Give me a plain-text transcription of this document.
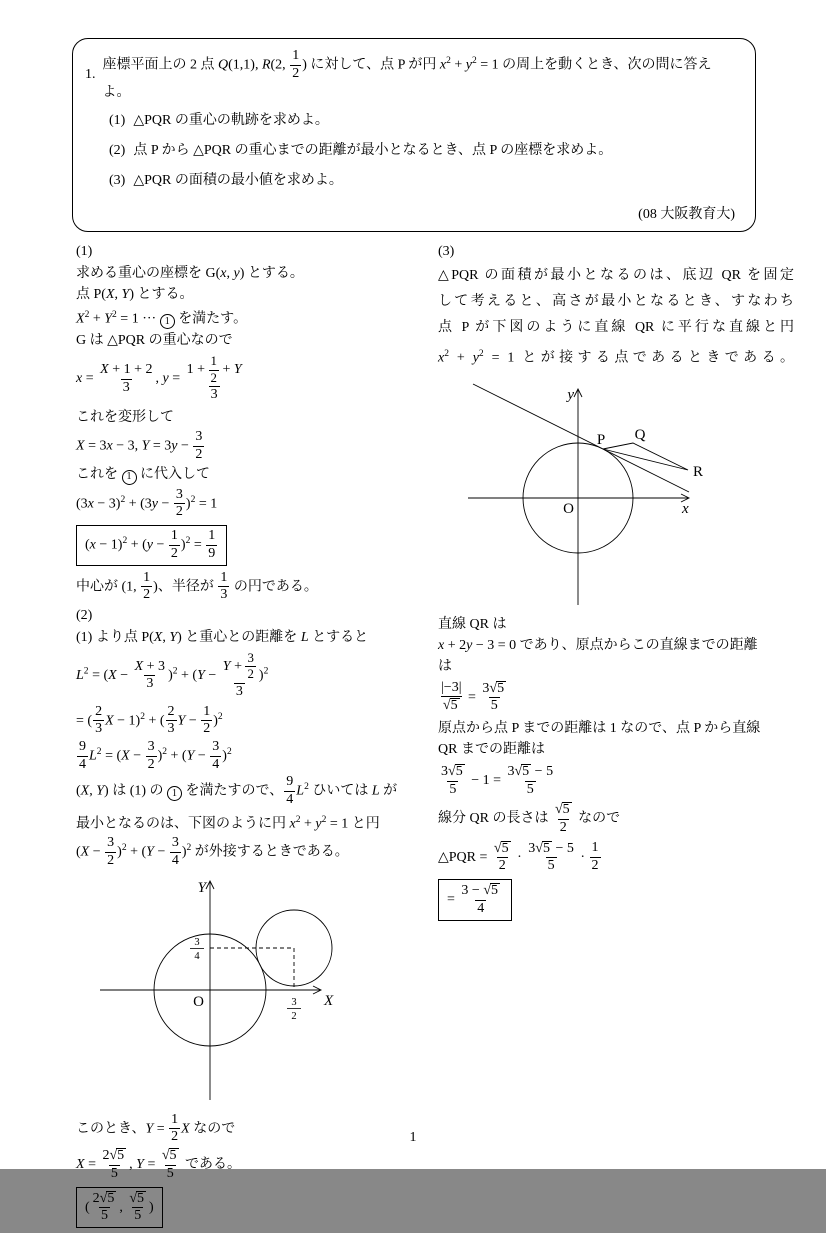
1.
座標平面上の 2 点 Q(1,1), R(2, $\frac{1}{2}$ ) に対して、点 P が円 $x^2 + y^2 = 1$ の周上を動くとき、次の問に答えよ。
(1) △PQR の重心の軌跡を求めよ。
(2) 点 P から △PQR の重心までの距離が最小となるとき、点 P の座標を求めよ。
(3) △PQR の面積の最小値を求めよ。
(08 大阪教育大)
(1)
求める重心の座標を G(x, y) とする。
点 P(X, Y) とする。
$X^2 + Y^2 = 1$ ··· 1 を満たす。
G は △PQR の重心なので
$x = \frac{X + 1 + 2}{3}$ , $y = \frac{1 + \frac{1}{2} + Y}{3}$
これを変形して
X = 3x − 3, $Y = 3y - \frac{3}{2}$
これを 1 に代入して
$(3x - 3)^2 + (3y - \frac{3}{2} )^2 = 1$
$(x - 1)^2 + (y - \frac{1}{2} )^2 = \frac{1}{9}$
中心が (1, $\frac{1}{2}$ )、半径が $\frac{1}{3}$ の円である。
(2)
(1) より点 P(X, Y) と重心との距離を L とすると
$L^2 = (X - \frac{X + 3}{3} )^2 + (Y - \frac{Y + \frac{3}{2}}{3} )^2$
= ( $\frac{2}{3}$ X − 1)$^2$ + ( $\frac{2}{3}$ $Y - \frac{1}{2} )^2$
$\frac{9}{4} L^2 = (X - \frac{3}{2} )^2 + (Y - \frac{3}{4} )^2$
(X, Y) は (1) の 1 を満たすので、 $\frac{9}{4} L^2$ ひいては L が
最小となるのは、下図のように円 $x^2 + y^2 = 1$ と円
$(X - \frac{3}{2} )^2 + (Y - \frac{3}{4} )^2$ が外接するときである。
Y
X
O
3
4
3
2
このとき、$Y = \frac{1}{2}$ X なので
$X = \frac{2√5}{5}$ , $Y = \frac{√5}{5}$ である。
( $\frac{2√5}{5}$ , $\frac{√5}{5}$ )
(3)
△PQR の面積が最小となるのは、底辺 QR を固定
して考えると、高さが最小となるとき、すなわち
点 P が下図のように直線 QR に平行な直線と円
$x^2 + y^2 = 1$ とが接する点であるときである。
y
x
O
P Q
R
直線 QR は
x + 2y − 3 = 0 であり、原点からこの直線までの距離
は
$\frac{|-3|}{√5} = \frac{3√5}{5}$
原点から点 P までの距離は 1 なので、点 P から直線
QR までの距離は
$\frac{3√5}{5} - 1 = \frac{3√5 - 5}{5}$
線分 QR の長さは $\frac{√5}{2}$ なので
△PQR = $\frac{√5}{2} \cdot \frac{3√5 - 5}{5} \cdot \frac{1}{2}$
= $\frac{3 - √5}{4}$
1
